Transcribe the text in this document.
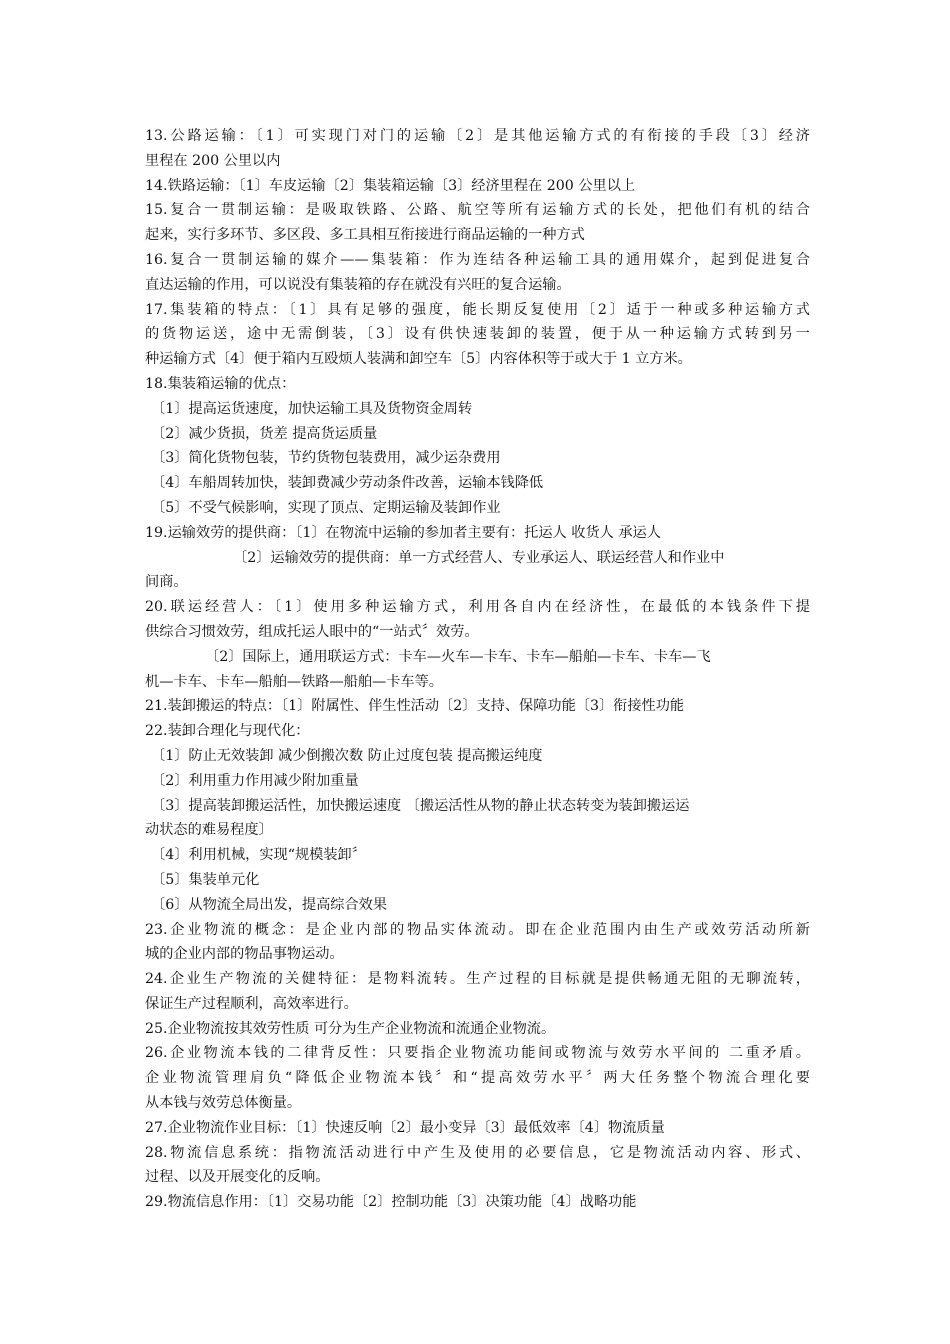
13.公路运输：〔1〕可实现门对门的运输〔2〕是其他运输方式的有衔接的手段〔3〕经济
里程在 200 公里以内
14.铁路运输：〔1〕车皮运输〔2〕集装箱运输〔3〕经济里程在 200 公里以上
15.复合一贯制运输：是吸取铁路、公路、航空等所有运输方式的长处，把他们有机的结合
起来，实行多环节、多区段、多工具相互衔接进行商品运输的一种方式
16.复合一贯制运输的媒介——集装箱：作为连结各种运输工具的通用媒介，起到促进复合
直达运输的作用，可以说没有集装箱的存在就没有兴旺的复合运输。
17.集装箱的特点：〔1〕具有足够的强度，能长期反复使用〔2〕适于一种或多种运输方式
的货物运送，途中无需倒装，〔3〕设有供快速装卸的装置，便于从一种运输方式转到另一
种运输方式〔4〕便于箱内互殴烦人装满和卸空车〔5〕内容体积等于或大于 1 立方米。
18.集装箱运输的优点：
〔1〕提高运货速度，加快运输工具及货物资金周转
〔2〕减少货损，货差 提高货运质量
〔3〕简化货物包装，节约货物包装费用，减少运杂费用
〔4〕车船周转加快，装卸费减少劳动条件改善，运输本钱降低
〔5〕不受气候影响，实现了顶点、定期运输及装卸作业
19.运输效劳的提供商：〔1〕在物流中运输的参加者主要有：托运人 收货人 承运人
〔2〕运输效劳的提供商：单一方式经营人、专业承运人、联运经营人和作业中
间商。
20.联运经营人：〔1〕使用多种运输方式，利用各自内在经济性，在最低的本钱条件下提
供综合习惯效劳，组成托运人眼中的“一站式〞效劳。
〔2〕国际上，通用联运方式：卡车—火车—卡车、卡车—船舶—卡车、卡车—飞
机—卡车、卡车—船舶—铁路—船舶—卡车等。
21.装卸搬运的特点：〔1〕附属性、伴生性活动〔2〕支持、保障功能〔3〕衔接性功能
22.装卸合理化与现代化：
〔1〕防止无效装卸 减少倒搬次数 防止过度包装 提高搬运纯度
〔2〕利用重力作用减少附加重量
〔3〕提高装卸搬运活性，加快搬运速度 〔搬运活性从物的静止状态转变为装卸搬运运
动状态的难易程度〕
〔4〕利用机械，实现“规模装卸〞
〔5〕集装单元化
〔6〕从物流全局出发，提高综合效果
23.企业物流的概念：是企业内部的物品实体流动。即在企业范围内由生产或效劳活动所新
城的企业内部的物品事物运动。
24.企业生产物流的关健特征：是物料流转。生产过程的目标就是提供畅通无阻的无聊流转，
保证生产过程顺利，高效率进行。
25.企业物流按其效劳性质 可分为生产企业物流和流通企业物流。
26.企业物流本钱的二律背反性：只要指企业物流功能间或物流与效劳水平间的 二重矛盾。
企业物流管理肩负“降低企业物流本钱〞和“提高效劳水平〞两大任务整个物流合理化要
从本钱与效劳总体衡量。
27.企业物流作业目标：〔1〕快速反响〔2〕最小变异〔3〕最低效率〔4〕物流质量
28.物流信息系统：指物流活动进行中产生及使用的必要信息，它是物流活动内容、形式、
过程、以及开展变化的反响。
29.物流信息作用：〔1〕交易功能〔2〕控制功能〔3〕决策功能〔4〕战略功能
